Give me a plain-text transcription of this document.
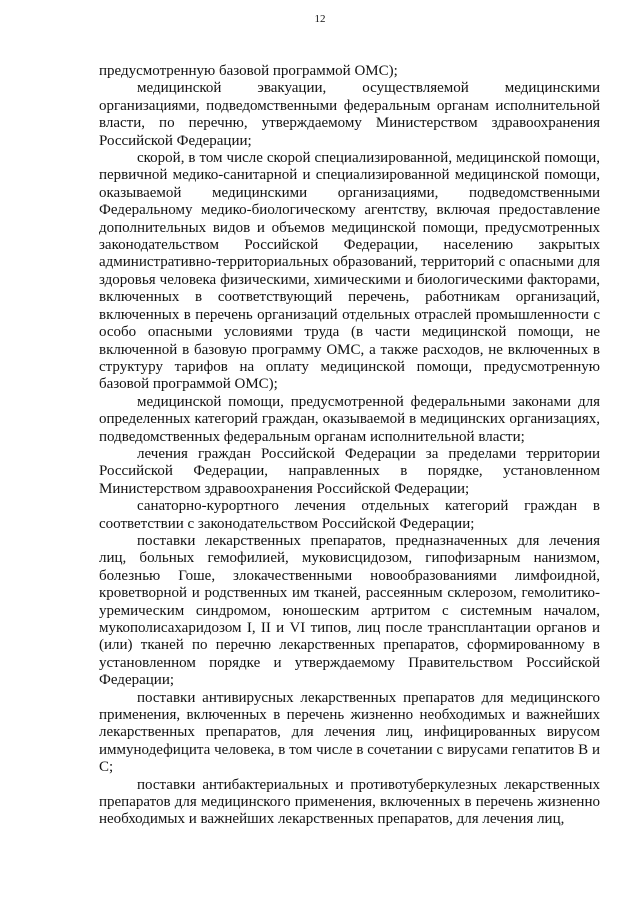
12

предусмотренную базовой программой ОМС);

медицинской эвакуации, осуществляемой медицинскими организациями, подведомственными федеральным органам исполнительной власти, по перечню, утверждаемому Министерством здравоохранения Российской Федерации;

скорой, в том числе скорой специализированной, медицинской помощи, первичной медико-санитарной и специализированной медицинской помощи, оказываемой медицинскими организациями, подведомственными Федеральному медико-биологическому агентству, включая предоставление дополнительных видов и объемов медицинской помощи, предусмотренных законодательством Российской Федерации, населению закрытых административно-территориальных образований, территорий с опасными для здоровья человека физическими, химическими и биологическими факторами, включенных в соответствующий перечень, работникам организаций, включенных в перечень организаций отдельных отраслей промышленности с особо опасными условиями труда (в части медицинской помощи, не включенной в базовую программу ОМС, а также расходов, не включенных в структуру тарифов на оплату медицинской помощи, предусмотренную базовой программой ОМС);

медицинской помощи, предусмотренной федеральными законами для определенных категорий граждан, оказываемой в медицинских организациях, подведомственных федеральным органам исполнительной власти;

лечения граждан Российской Федерации за пределами территории Российской Федерации, направленных в порядке, установленном Министерством здравоохранения Российской Федерации;

санаторно-курортного лечения отдельных категорий граждан в соответствии с законодательством Российской Федерации;

поставки лекарственных препаратов, предназначенных для лечения лиц, больных гемофилией, муковисцидозом, гипофизарным нанизмом, болезнью Гоше, злокачественными новообразованиями лимфоидной, кроветворной и родственных им тканей, рассеянным склерозом, гемолитико-уремическим синдромом, юношеским артритом с системным началом, мукополисахаридозом I, II и VI типов, лиц после трансплантации органов и (или) тканей по перечню лекарственных препаратов, сформированному в установленном порядке и утверждаемому Правительством Российской Федерации;

поставки антивирусных лекарственных препаратов для медицинского применения, включенных в перечень жизненно необходимых и важнейших лекарственных препаратов, для лечения лиц, инфицированных вирусом иммунодефицита человека, в том числе в сочетании с вирусами гепатитов B и C;

поставки антибактериальных и противотуберкулезных лекарственных препаратов для медицинского применения, включенных в перечень жизненно необходимых и важнейших лекарственных препаратов, для лечения лиц,
